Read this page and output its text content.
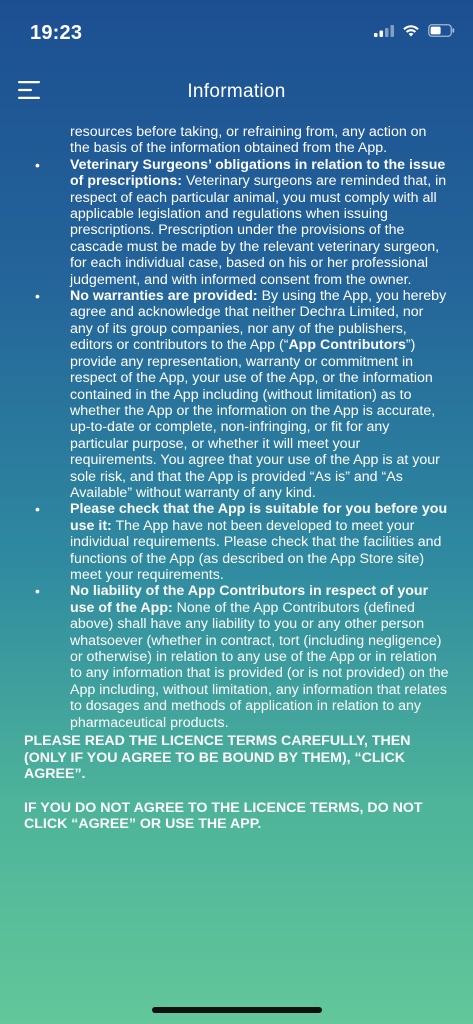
19:23
Information

resources before taking, or refraining from, any action on the basis of the information obtained from the App.

• Veterinary Surgeons’ obligations in relation to the issue of prescriptions: Veterinary surgeons are reminded that, in respect of each particular animal, you must comply with all applicable legislation and regulations when issuing prescriptions. Prescription under the provisions of the cascade must be made by the relevant veterinary surgeon, for each individual case, based on his or her professional judgement, and with informed consent from the owner.
• No warranties are provided: By using the App, you hereby agree and acknowledge that neither Dechra Limited, nor any of its group companies, nor any of the publishers, editors or contributors to the App (“App Contributors”) provide any representation, warranty or commitment in respect of the App, your use of the App, or the information contained in the App including (without limitation) as to whether the App or the information on the App is accurate, up-to-date or complete, non-infringing, or fit for any particular purpose, or whether it will meet your requirements. You agree that your use of the App is at your sole risk, and that the App is provided “As is” and “As Available” without warranty of any kind.
• Please check that the App is suitable for you before you use it: The App have not been developed to meet your individual requirements. Please check that the facilities and functions of the App (as described on the App Store site) meet your requirements.
• No liability of the App Contributors in respect of your use of the App: None of the App Contributors (defined above) shall have any liability to you or any other person whatsoever (whether in contract, tort (including negligence) or otherwise) in relation to any use of the App or in relation to any information that is provided (or is not provided) on the App including, without limitation, any information that relates to dosages and methods of application in relation to any pharmaceutical products.

PLEASE READ THE LICENCE TERMS CAREFULLY, THEN (ONLY IF YOU AGREE TO BE BOUND BY THEM), “CLICK AGREE”.

IF YOU DO NOT AGREE TO THE LICENCE TERMS, DO NOT CLICK “AGREE” OR USE THE APP.
